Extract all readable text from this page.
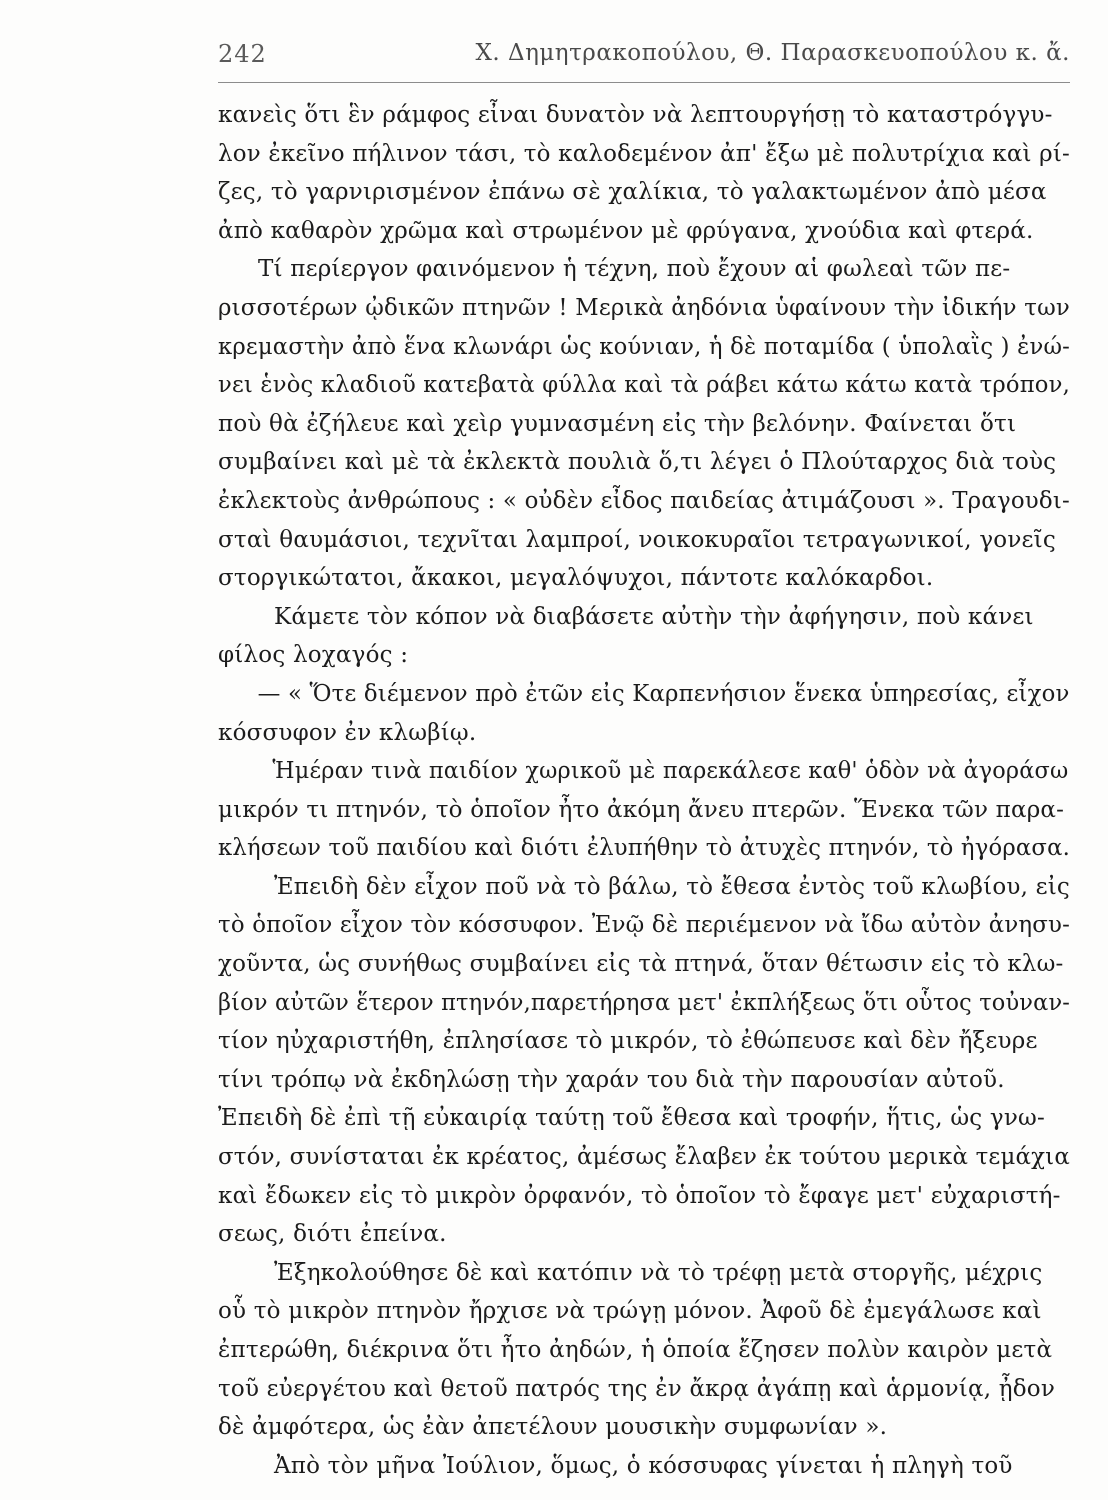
242	Χ. Δημητρακοπούλου, Θ. Παρασκευοπούλου κ. ἄ.
κανεὶς ὅτι ἓν ράμφος εἶναι δυνατὸν νὰ λεπτουργήσῃ τὸ καταστρόγγυ-
λον ἐκεῖνο πήλινον τάσι, τὸ καλοδεμένον ἀπ' ἔξω μὲ πολυτρίχια καὶ ρί-
ζες, τὸ γαρνιρισμένον ἐπάνω σὲ χαλίκια, τὸ γαλακτωμένον ἀπὸ μέσα
ἀπὸ καθαρὸν χρῶμα καὶ στρωμένον μὲ φρύγανα, χνούδια καὶ φτερά.
Τί περίεργον φαινόμενον ἡ τέχνη, ποὺ ἔχουν αἱ φωλεαὶ τῶν πε-
ρισσοτέρων ᾠδικῶν πτηνῶν ! Μερικὰ ἀηδόνια ὑφαίνουν τὴν ἰδικήν των
κρεμαστὴν ἀπὸ ἕνα κλωνάρι ὡς κούνιαν, ἡ δὲ ποταμίδα ( ὑπολαῒς ) ἐνώ-
νει ἑνὸς κλαδιοῦ κατεβατὰ φύλλα καὶ τὰ ράβει κάτω κάτω κατὰ τρόπον,
ποὺ θὰ ἐζήλευε καὶ χεὶρ γυμνασμένη εἰς τὴν βελόνην. Φαίνεται ὅτι
συμβαίνει καὶ μὲ τὰ ἐκλεκτὰ πουλιὰ ὅ,τι λέγει ὁ Πλούταρχος διὰ τοὺς
ἐκλεκτοὺς ἀνθρώπους : « οὐδὲν εἶδος παιδείας ἀτιμάζουσι ». Τραγουδι-
σταὶ θαυμάσιοι, τεχνῖται λαμπροί, νοικοκυραῖοι τετραγωνικοί, γονεῖς
στοργικώτατοι, ἄκακοι, μεγαλόψυχοι, πάντοτε καλόκαρδοι.
Κάμετε τὸν κόπον νὰ διαβάσετε αὐτὴν τὴν ἀφήγησιν, ποὺ κάνει
φίλος λοχαγός :
— « Ὅτε διέμενον πρὸ ἐτῶν εἰς Καρπενήσιον ἕνεκα ὑπηρεσίας, εἶχον
κόσσυφον ἐν κλωβίῳ.
Ἡμέραν τινὰ παιδίον χωρικοῦ μὲ παρεκάλεσε καθ' ὁδὸν νὰ ἀγοράσω
μικρόν τι πτηνόν, τὸ ὁποῖον ἦτο ἀκόμη ἄνευ πτερῶν. Ἕνεκα τῶν παρα-
κλήσεων τοῦ παιδίου καὶ διότι ἐλυπήθην τὸ ἀτυχὲς πτηνόν, τὸ ἠγόρασα.
Ἐπειδὴ δὲν εἶχον ποῦ νὰ τὸ βάλω, τὸ ἔθεσα ἐντὸς τοῦ κλωβίου, εἰς
τὸ ὁποῖον εἶχον τὸν κόσσυφον. Ἐνῷ δὲ περιέμενον νὰ ἴδω αὐτὸν ἀνησυ-
χοῦντα, ὡς συνήθως συμβαίνει εἰς τὰ πτηνά, ὅταν θέτωσιν εἰς τὸ κλω-
βίον αὐτῶν ἕτερον πτηνόν,παρετήρησα μετ' ἐκπλήξεως ὅτι οὗτος τοὐναν-
τίον ηὐχαριστήθη, ἐπλησίασε τὸ μικρόν, τὸ ἐθώπευσε καὶ δὲν ἤξευρε
τίνι τρόπῳ νὰ ἐκδηλώσῃ τὴν χαράν του διὰ τὴν παρουσίαν αὐτοῦ.
Ἐπειδὴ δὲ ἐπὶ τῇ εὐκαιρίᾳ ταύτῃ τοῦ ἔθεσα καὶ τροφήν, ἥτις, ὡς γνω-
στόν, συνίσταται ἐκ κρέατος, ἀμέσως ἔλαβεν ἐκ τούτου μερικὰ τεμάχια
καὶ ἔδωκεν εἰς τὸ μικρὸν ὀρφανόν, τὸ ὁποῖον τὸ ἔφαγε μετ' εὐχαριστή-
σεως, διότι ἐπείνα.
Ἐξηκολούθησε δὲ καὶ κατόπιν νὰ τὸ τρέφῃ μετὰ στοργῆς, μέχρις
οὗ τὸ μικρὸν πτηνὸν ἤρχισε νὰ τρώγῃ μόνον. Ἀφοῦ δὲ ἐμεγάλωσε καὶ
ἐπτερώθη, διέκρινα ὅτι ἦτο ἀηδών, ἡ ὁποία ἔζησεν πολὺν καιρὸν μετὰ
τοῦ εὐεργέτου καὶ θετοῦ πατρός της ἐν ἄκρᾳ ἀγάπῃ καὶ ἁρμονίᾳ, ᾖδον
δὲ ἀμφότερα, ὡς ἐὰν ἀπετέλουν μουσικὴν συμφωνίαν ».
Ἀπὸ τὸν μῆνα Ἰούλιον, ὅμως, ὁ κόσσυφας γίνεται ἡ πληγὴ τοῦ
